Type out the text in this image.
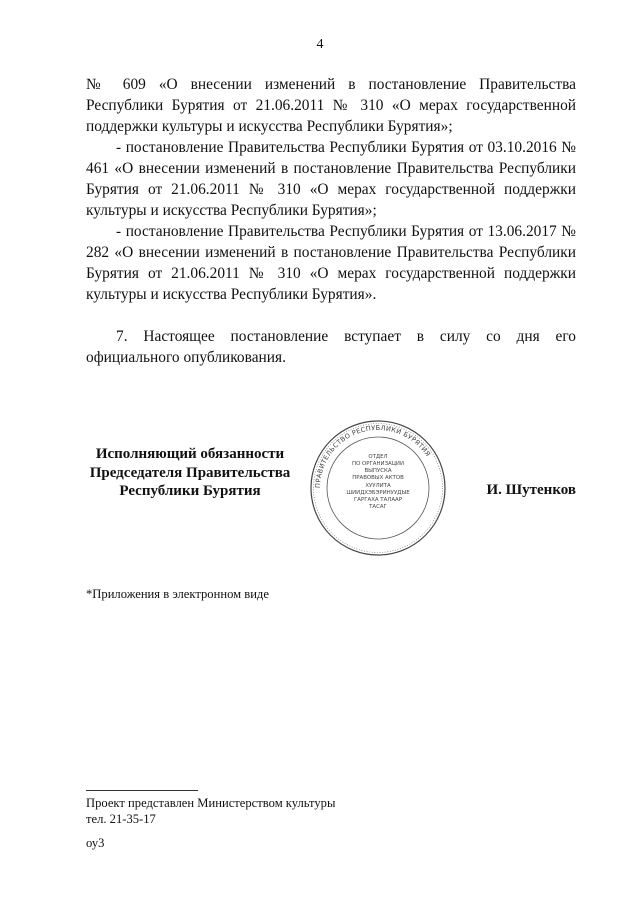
4

№ 609 «О внесении изменений в постановление Правительства Республики Бурятия от 21.06.2011 № 310 «О мерах государственной поддержки культуры и искусства Республики Бурятия»;

- постановление Правительства Республики Бурятия от 03.10.2016 № 461 «О внесении изменений в постановление Правительства Республики Бурятия от 21.06.2011 № 310 «О мерах государственной поддержки культуры и искусства Республики Бурятия»;

- постановление Правительства Республики Бурятия от 13.06.2017 № 282 «О внесении изменений в постановление Правительства Республики Бурятия от 21.06.2011 № 310 «О мерах государственной поддержки культуры и искусства Республики Бурятия».

7. Настоящее постановление вступает в силу со дня его официального опубликования.

Исполняющий обязанности
Председателя Правительства
Республики Бурятия	ПРАВИТЕЛЬСТВО РЕСПУБЛИКИ БУРЯТИЯ
ОТДЕЛ
ПО ОРГАНИЗАЦИИ
ВЫПУСКА
ПРАВОВЫХ АКТОВ
ХУУЛИТА
ШИИДХЭБЭРИНУУДЫЕ
ГАРГАХА ТАЛААР
ТАСАГ
И. Шутенков
*Приложения в электронном виде
Проект представлен Министерством культуры
тел. 21-35-17
оу3
